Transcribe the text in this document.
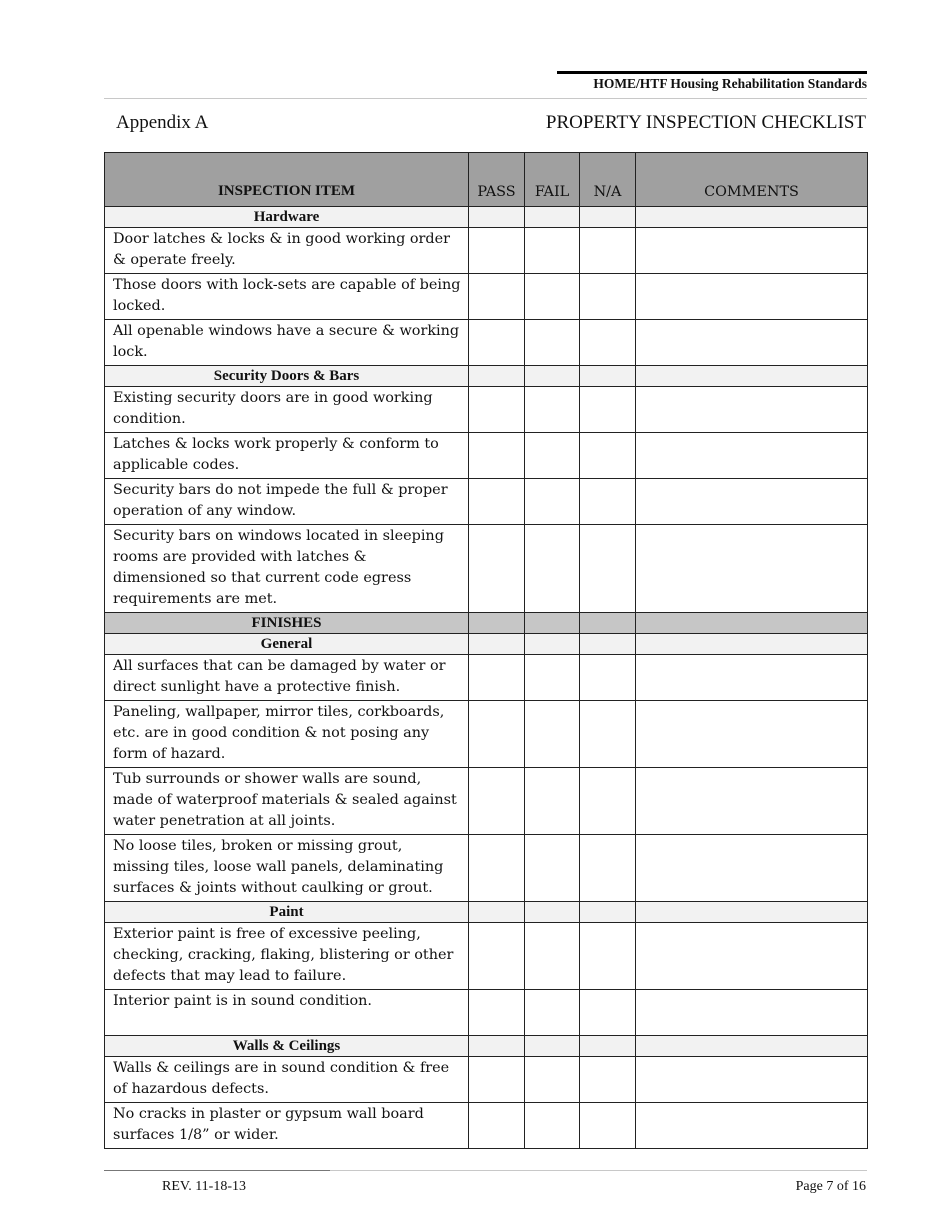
HOME/HTF Housing Rehabilitation Standards
Appendix A	PROPERTY INSPECTION CHECKLIST
INSPECTION ITEM	PASS	FAIL	N/A	COMMENTS
Hardware				
Door latches & locks & in good working order & operate freely.				
Those doors with lock-sets are capable of being locked.				
All openable windows have a secure & working lock.				
Security Doors & Bars				
Existing security doors are in good working condition.				
Latches & locks work properly & conform to applicable codes.				
Security bars do not impede the full & proper operation of any window.				
Security bars on windows located in sleeping rooms are provided with latches & dimensioned so that current code egress requirements are met.				
FINISHES				
General				
All surfaces that can be damaged by water or direct sunlight have a protective finish.				
Paneling, wallpaper, mirror tiles, corkboards, etc. are in good condition & not posing any form of hazard.				
Tub surrounds or shower walls are sound, made of waterproof materials & sealed against water penetration at all joints.				
No loose tiles, broken or missing grout, missing tiles, loose wall panels, delaminating surfaces & joints without caulking or grout.				
Paint				
Exterior paint is free of excessive peeling, checking, cracking, flaking, blistering or other defects that may lead to failure.				
Interior paint is in sound condition.				
Walls & Ceilings				
Walls & ceilings are in sound condition & free of hazardous defects.				
No cracks in plaster or gypsum wall board surfaces 1/8” or wider.				
REV. 11-18-13	Page 7 of 16
